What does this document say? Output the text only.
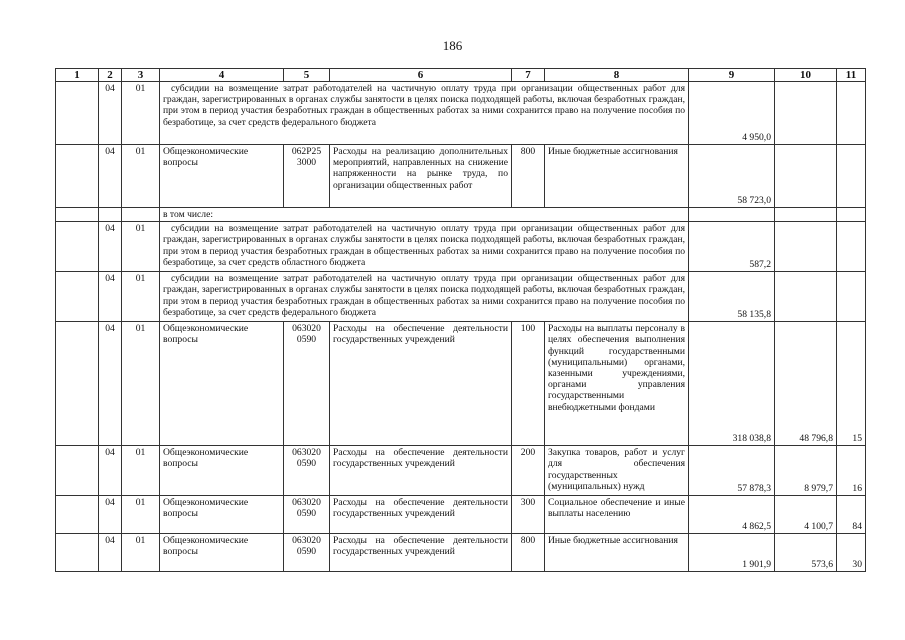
186
1	2	3	4	5	6	7	8	9	10	11
	04	01	субсидии на возмещение затрат работодателей на частичную оплату труда при организации общественных работ для граждан, зарегистрированных в органах службы занятости в целях поиска подходящей работы, включая безработных граждан, при этом в период участия безработных граждан в общественных работах за ними сохранится право на получение пособия по безработице, за счет средств федерального бюджета					4 950,0		
	04	01	Общеэкономические вопросы	062Р25 3000	Расходы на реализацию дополнительных мероприятий, направленных на снижение напряженности на рынке труда, по организации общественных работ	800	Иные бюджетные ассигнования	58 723,0		
			в том числе:							
	04	01	субсидии на возмещение затрат работодателей на частичную оплату труда при организации общественных работ для граждан, зарегистрированных в органах службы занятости в целях поиска подходящей работы, включая безработных граждан, при этом в период участия безработных граждан в общественных работах за ними сохранится право на получение пособия по безработице, за счет средств областного бюджета					587,2		
	04	01	субсидии на возмещение затрат работодателей на частичную оплату труда при организации общественных работ для граждан, зарегистрированных в органах службы занятости в целях поиска подходящей работы, включая безработных граждан, при этом в период участия безработных граждан в общественных работах за ними сохранится право на получение пособия по безработице, за счет средств федерального бюджета					58 135,8		
	04	01	Общеэкономические вопросы	063020 0590	Расходы на обеспечение деятельности государственных учреждений	100	Расходы на выплаты персоналу в целях обеспечения выполнения функций государственными (муниципальными) органами, казенными учреждениями, органами управления государственными внебюджетными фондами	318 038,8	48 796,8	15
	04	01	Общеэкономические вопросы	063020 0590	Расходы на обеспечение деятельности государственных учреждений	200	Закупка товаров, работ и услуг для обеспечения государственных (муниципальных) нужд	57 878,3	8 979,7	16
	04	01	Общеэкономические вопросы	063020 0590	Расходы на обеспечение деятельности государственных учреждений	300	Социальное обеспечение и иные выплаты населению	4 862,5	4 100,7	84
	04	01	Общеэкономические вопросы	063020 0590	Расходы на обеспечение деятельности государственных учреждений	800	Иные бюджетные ассигнования	1 901,9	573,6	30
